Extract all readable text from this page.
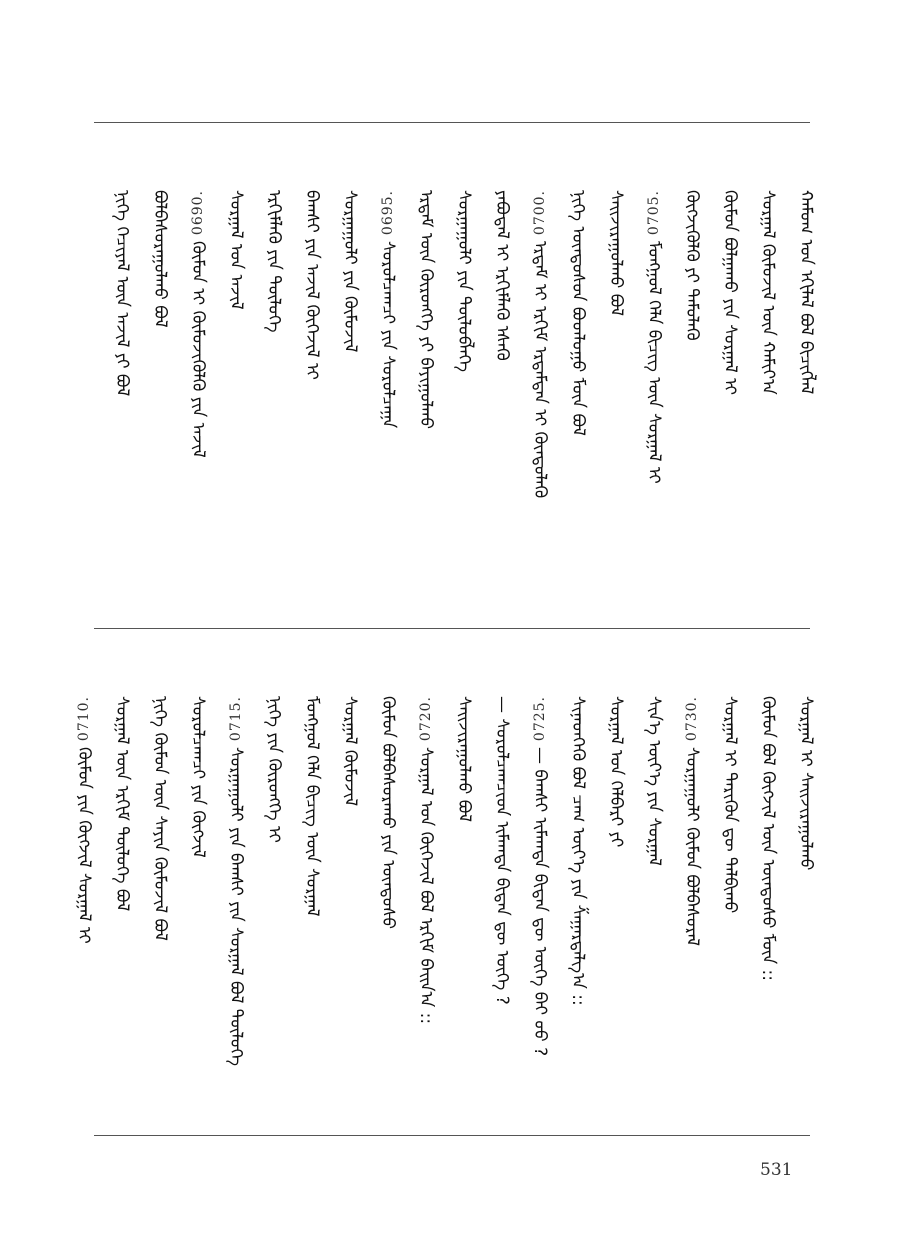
ᠬᠠᠮᠤᠭ ᠤᠨ ᠡᠬᠢᠯᠡᠯ ᠪᠣᠯ ᠪᠢᠴᠢᠭᠯᠡᠯ
ᠰᠤᠷᠭᠠᠯ ᠬᠦᠮᠦᠵᠢᠯ ᠦᠨ ᠬᠠᠮᠢᠶ᠎ᠠ
ᠬᠦᠮᠦᠨ ᠪᠣᠯᠭᠠᠬᠤ ᠶᠢᠨ ᠰᠤᠷᠭᠠᠯ ᠢ
ᠬᠥᠭᠵᠢᠭᠦᠯᠬᠦ ᠶᠢ ᠲᠡᠮᠦᠯᠡᠬᠦ
0705.
ᠮᠣᠩᠭᠣᠯ ᠬᠡᠯᠡ ᠪᠢᠴᠢᠭ ᠦᠨ ᠰᠤᠷᠭᠠᠯ ᠢ
ᠰᠠᠢᠵᠢᠷᠠᠭᠤᠯᠬᠤ ᠪᠣᠯ
ᠨᠢᠭᠡ ᠦᠨᠳᠦᠰᠦᠨ ᠪᠣᠳᠯᠣᠭᠣ ᠮᠥᠨ ᠪᠣᠯ
0700.
ᠡᠷᠳᠡᠮ ᠢ ᠡᠷᠬᠢᠮ ᠡᠷᠳᠡᠮᠲᠡᠨ ᠢ ᠬᠦᠨᠳᠦᠯᠡᠬᠦ
ᠶᠠᠪᠤᠳᠠᠯ ᠢ ᠡᠷᠬᠢᠮᠯᠡᠬᠦ ᠡᠰᠡᠬᠦ
ᠰᠤᠷᠭᠠᠭᠤᠯᠢ ᠶᠢᠨ ᠲᠥᠯᠥᠪᠯᠡᠭᠡ
ᠡᠷᠳᠡᠮ ᠦᠨ ᠬᠥᠷᠥᠩᠭᠡ ᠶᠢ ᠪᠠᠶᠢᠭᠤᠯᠬᠤ
0695.
ᠰᠤᠷᠤᠯᠴᠠᠭᠴᠢ ᠶᠢᠨ ᠰᠤᠷᠤᠯᠴᠠᠭᠠ
ᠰᠤᠷᠭᠠᠭᠤᠯᠢ ᠶᠢᠨ ᠬᠦᠮᠦᠵᠢᠯ
ᠪᠠᠭᠰᠢ ᠶᠢᠨ ᠠᠵᠢᠯ ᠬᠥᠬᠡᠵᠢᠯ ᠢ
ᠡᠷᠬᠢᠮᠯᠡᠬᠦ ᠶᠢᠨ ᠲᠥᠯᠥᠭᠡ
ᠰᠤᠷᠭᠠᠯ ᠤᠨ ᠠᠵᠢᠯ
0690.
ᠬᠦᠮᠦᠨ ᠢ ᠬᠦᠮᠦᠵᠢᠭᠦᠯᠬᠦ ᠶᠢᠨ ᠠᠵᠢᠯ
ᠪᠣᠯᠪᠠᠰᠤᠷᠠᠭᠤᠯᠬᠤ ᠪᠣᠯ
ᠨᠢᠭᠡ ᠬᠡᠴᠢᠶᠡᠯ ᠦᠨ ᠠᠵᠢᠯ ᠶᠢ ᠪᠣᠯ
ᠰᠤᠷᠭᠠᠯ ᠢ ᠰᠠᠢᠵᠢᠷᠠᠭᠤᠯᠬᠤ
ᠬᠦᠮᠦᠨ ᠪᠣᠯ ᠬᠥᠭᠵᠢᠯ ᠦᠨ ᠦᠨᠳᠦᠰᠦ ᠮᠥᠨ ::
ᠰᠤᠷᠭᠠᠯ ᠢ ᠲᠡᠷᠢᠭᠦᠨ ᠳᠦ ᠲᠠᠯᠪᠢᠬᠤ
0730.
ᠰᠤᠷᠭᠠᠭᠤᠯᠢ ᠬᠦᠮᠦᠨ ᠪᠣᠯᠪᠠᠰᠤᠷᠠᠯ
ᠰᠢᠨ᠎ᠡ ᠦᠶ᠎ᠡ ᠶᠢᠨ ᠰᠤᠷᠭᠠᠯ
ᠰᠤᠷᠭᠠᠯ ᠤᠨ ᠬᠡᠯᠪᠡᠷᠢ ᠶᠢ
ᠰᠢᠨᠡᠳᠬᠡᠬᠦ ᠪᠣᠯ ᠴᠠᠭ ᠦᠶ᠎ᠡ ᠶᠢᠨ ᠱᠠᠭᠠᠷᠳᠠᠯᠭ᠎ᠠ ::
0725.
— ᠪᠠᠭᠰᠢ ᠢᠮᠠᠭᠲᠠ ᠪᠢᠳᠡᠨ ᠳᠦ ᠦᠭᠡ ᠪᠠᠢ ᠦᠦ ?
— ᠰᠤᠷᠤᠯᠴᠠᠭᠴᠢᠳ ᠢᠮᠠᠭᠲᠠ ᠪᠢᠳᠡᠨ ᠳᠦ ᠦᠭᠡ ?
ᠰᠠᠢᠵᠢᠷᠠᠭᠤᠯᠬᠤ ᠪᠣᠯ
0720.
ᠰᠤᠷᠭᠠᠯ ᠤᠨ ᠬᠥᠬᠡᠵᠢᠯ ᠪᠣᠯ ᠡᠷᠬᠢᠮ ᠪᠠᠢᠨ᠎ᠠ ::
ᠬᠦᠮᠦᠨ ᠪᠣᠯᠪᠠᠰᠤᠷᠠᠬᠤ ᠶᠢᠨ ᠦᠨᠳᠦᠰᠦ
ᠰᠤᠷᠭᠠᠯ ᠬᠦᠮᠦᠵᠢᠯ
ᠮᠣᠩᠭᠣᠯ ᠬᠡᠯᠡ ᠪᠢᠴᠢᠭ ᠦᠨ ᠰᠤᠷᠭᠠᠯ
ᠨᠢᠭᠡ ᠶᠢᠨ ᠬᠥᠷᠥᠩᠭᠡ ᠢ
0715.
ᠰᠤᠷᠭᠠᠭᠤᠯᠢ ᠶᠢᠨ ᠪᠠᠭᠰᠢ ᠶᠢᠨ ᠰᠤᠷᠭᠠᠯ ᠪᠣᠯ ᠲᠥᠯᠥᠭᠡ
ᠰᠤᠷᠤᠯᠴᠠᠭᠴᠢ ᠶᠢᠨ ᠬᠥᠭᠵᠢᠯ
ᠨᠢᠭᠡ ᠬᠦᠮᠦᠨ ᠦᠨ ᠰᠠᠶᠢᠨ ᠬᠦᠮᠦᠵᠢᠯ ᠪᠣᠯ
ᠰᠤᠷᠭᠠᠯ ᠦᠨ ᠡᠷᠬᠢᠮ ᠲᠥᠯᠥᠭᠡ ᠪᠣᠯ
0710.
ᠬᠦᠮᠦᠨ ᠶᠢᠨ ᠬᠥᠭᠵᠢᠯ ᠰᠤᠷᠭᠠᠯ ᠢ
531
